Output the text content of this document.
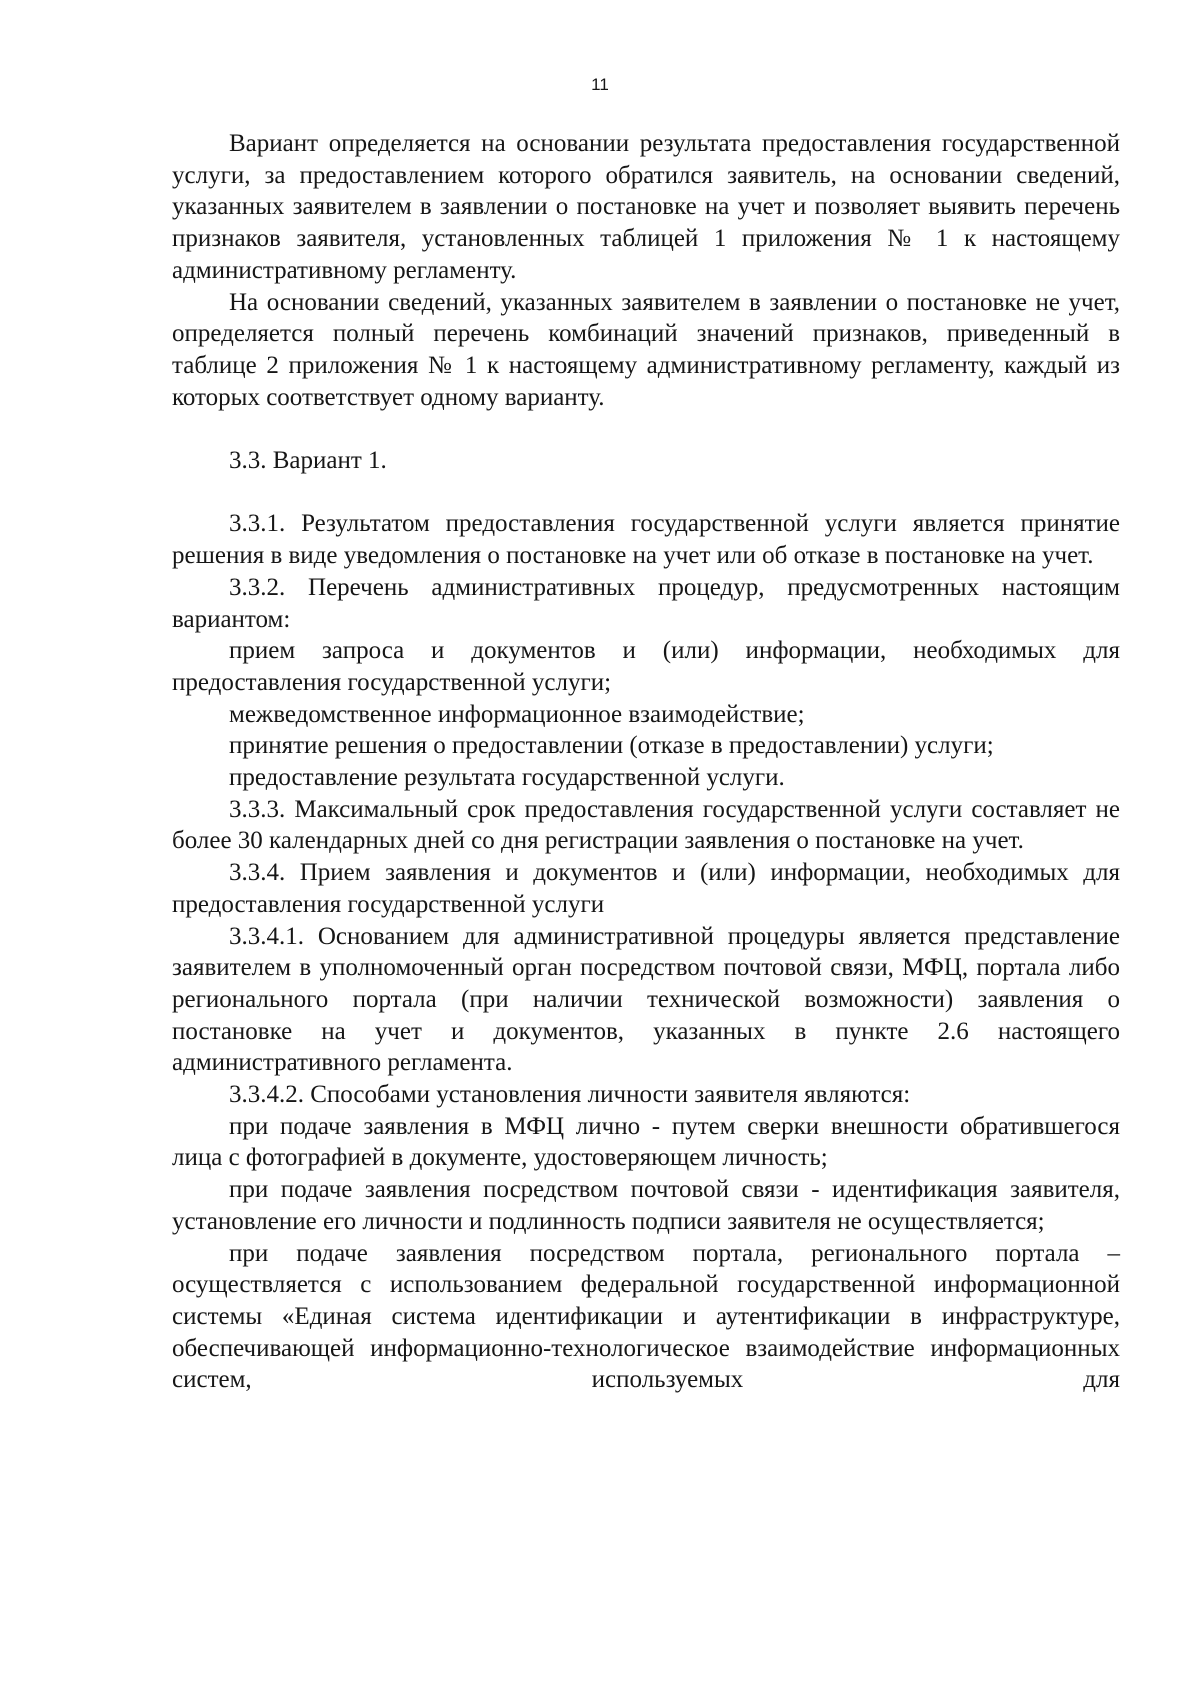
11

Вариант определяется на основании результата предоставления государственной услуги, за предоставлением которого обратился заявитель, на основании сведений, указанных заявителем в заявлении о постановке на учет и позволяет выявить перечень признаков заявителя, установленных таблицей 1 приложения № 1 к настоящему административному регламенту.

На основании сведений, указанных заявителем в заявлении о постановке не учет, определяется полный перечень комбинаций значений признаков, приведенный в таблице 2 приложения № 1 к настоящему административному регламенту, каждый из которых соответствует одному варианту.

3.3. Вариант 1.

3.3.1. Результатом предоставления государственной услуги является принятие решения в виде уведомления о постановке на учет или об отказе в постановке на учет.

3.3.2. Перечень административных процедур, предусмотренных настоящим вариантом:

прием запроса и документов и (или) информации, необходимых для предоставления государственной услуги;

межведомственное информационное взаимодействие;

принятие решения о предоставлении (отказе в предоставлении) услуги;

предоставление результата государственной услуги.

3.3.3. Максимальный срок предоставления государственной услуги составляет не более 30 календарных дней со дня регистрации заявления о постановке на учет.

3.3.4. Прием заявления и документов и (или) информации, необходимых для предоставления государственной услуги

3.3.4.1. Основанием для административной процедуры является представление заявителем в уполномоченный орган посредством почтовой связи, МФЦ, портала либо регионального портала (при наличии технической возможности) заявления о постановке на учет и документов, указанных в пункте 2.6 настоящего административного регламента.

3.3.4.2. Способами установления личности заявителя являются:

при подаче заявления в МФЦ лично - путем сверки внешности обратившегося лица с фотографией в документе, удостоверяющем личность;

при подаче заявления посредством почтовой связи - идентификация заявителя, установление его личности и подлинность подписи заявителя не осуществляется;

при подаче заявления посредством портала, регионального портала – осуществляется с использованием федеральной государственной информационной системы «Единая система идентификации и аутентификации в инфраструктуре, обеспечивающей информационно-технологическое взаимодействие информационных систем, используемых для
